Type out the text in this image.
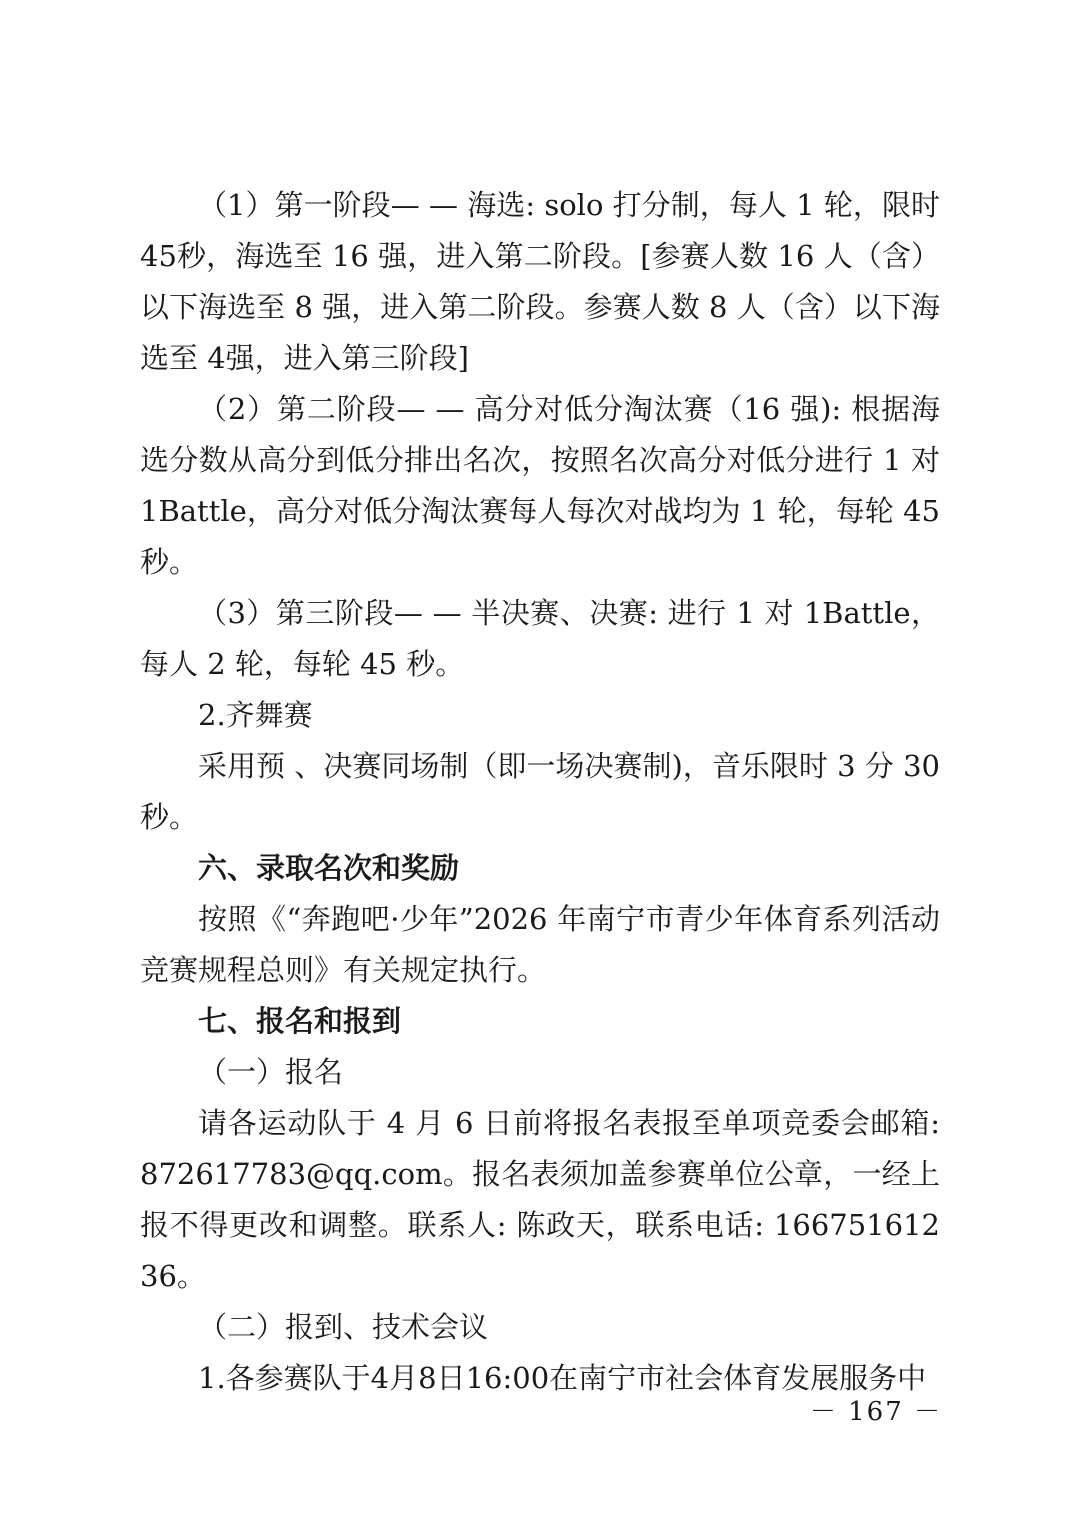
（1）第一阶段— — 海选: solo 打分制，每人 1 轮，限时 45秒，海选至 16 强，进入第二阶段。[参赛人数 16 人（含）以下海选至 8 强，进入第二阶段。参赛人数 8 人（含）以下海选至 4强，进入第三阶段]

（2）第二阶段— — 高分对低分淘汰赛（16 强): 根据海选分数从高分到低分排出名次，按照名次高分对低分进行 1 对1Battle，高分对低分淘汰赛每人每次对战均为 1 轮，每轮 45秒。

（3）第三阶段— — 半决赛、决赛: 进行 1 对 1Battle，每人 2 轮，每轮 45 秒。

2.齐舞赛

采用预 、决赛同场制（即一场决赛制)，音乐限时 3 分 30秒。

六、录取名次和奖励

按照《“奔跑吧·少年”2026 年南宁市青少年体育系列活动竞赛规程总则》有关规定执行。

七、报名和报到

（一）报名

请各运动队于 4 月 6 日前将报名表报至单项竞委会邮箱: 872617783@qq.com。报名表须加盖参赛单位公章，一经上报不得更改和调整。联系人: 陈政天，联系电话: 16675161236。

（二）报到、技术会议

1.各参赛队于4月8日16:00在南宁市社会体育发展服务中

－ 167 －
